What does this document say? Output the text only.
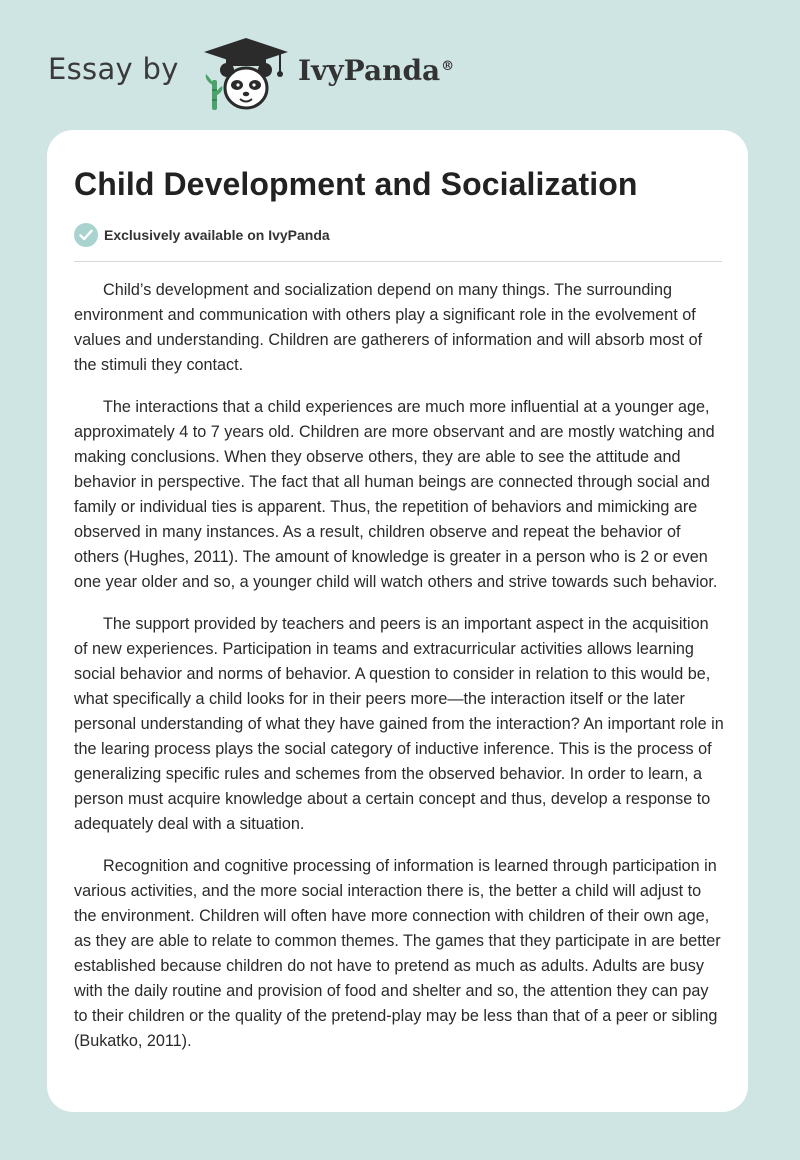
Essay by	IvyPanda®
Child Development and Socialization
Exclusively available on IvyPanda

Child’s development and socialization depend on many things. The surrounding environment and communication with others play a significant role in the evolvement of values and understanding. Children are gatherers of information and will absorb most of the stimuli they contact.

The interactions that a child experiences are much more influential at a younger age, approximately 4 to 7 years old. Children are more observant and are mostly watching and making conclusions. When they observe others, they are able to see the attitude and behavior in perspective. The fact that all human beings are connected through social and family or individual ties is apparent. Thus, the repetition of behaviors and mimicking are observed in many instances. As a result, children observe and repeat the behavior of others (Hughes, 2011). The amount of knowledge is greater in a person who is 2 or even one year older and so, a younger child will watch others and strive towards such behavior.

The support provided by teachers and peers is an important aspect in the acquisition of new experiences. Participation in teams and extracurricular activities allows learning social behavior and norms of behavior. A question to consider in relation to this would be, what specifically a child looks for in their peers more—the interaction itself or the later personal understanding of what they have gained from the interaction? An important role in the learing process plays the social category of inductive inference. This is the process of generalizing specific rules and schemes from the observed behavior. In order to learn, a person must acquire knowledge about a certain concept and thus, develop a response to adequately deal with a situation.

Recognition and cognitive processing of information is learned through participation in various activities, and the more social interaction there is, the better a child will adjust to the environment. Children will often have more connection with children of their own age, as they are able to relate to common themes. The games that they participate in are better established because children do not have to pretend as much as adults. Adults are busy with the daily routine and provision of food and shelter and so, the attention they can pay to their children or the quality of the pretend-play may be less than that of a peer or sibling (Bukatko, 2011).
